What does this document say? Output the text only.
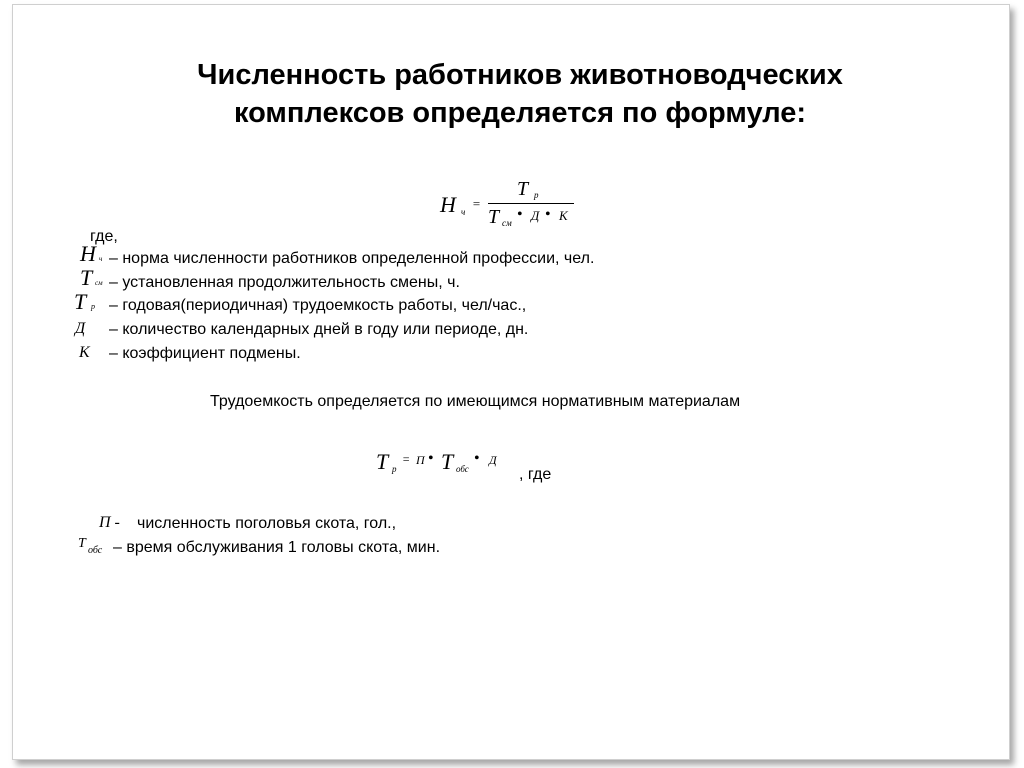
Численность работников животноводческих
комплексов определяется по формуле:
Н ч
=
Т р
Т см • Д • К
где,
Н ч – норма численности работников определенной профессии, чел.
Т см – установленная продолжительность смены, ч.
Т р – годовая(периодичная) трудоемкость работы, чел/час.,
Д – количество календарных дней в году или периоде, дн.
К – коэффициент подмены.
Трудоемкость определяется по имеющимся нормативным материалам
Т р
= П • Т обс
• Д
, где
П - численность поголовья скота, гол.,
Т обс – время обслуживания 1 головы скота, мин.
